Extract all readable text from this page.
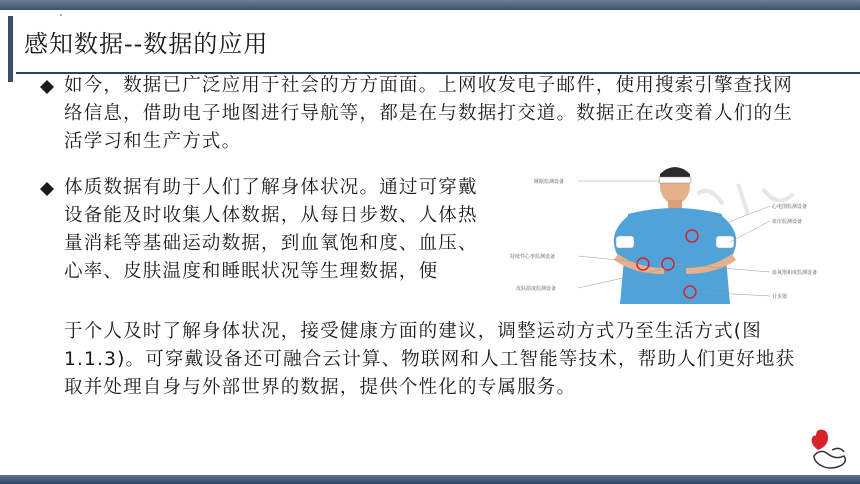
感知数据--数据的应用
如今，数据已广泛应用于社会的方方面面。上网收发电子邮件，使用搜索引擎查找网络信息，借助电子地图进行导航等，都是在与数据打交道。数据正在改变着人们的生活学习和生产方式。
体质数据有助于人们了解身体状况。通过可穿戴设备能及时收集人体数据，从每日步数、人体热量消耗等基础运动数据，到血氧饱和度、血压、心率、皮肤温度和睡眠状况等生理数据，便
于个人及时了解身体状况，接受健康方面的建议，调整运动方式乃至生活方式(图1.1.3)。可穿戴设备还可融合云计算、物联网和人工智能等技术，帮助人们更好地获取并处理自身与外部世界的数据，提供个性化的专属服务。
睡眠监测设备
持续性心率监测设备
皮肤温度监测设备
心电图监测设备
血压监测设备
血氧饱和度监测设备
计步器
